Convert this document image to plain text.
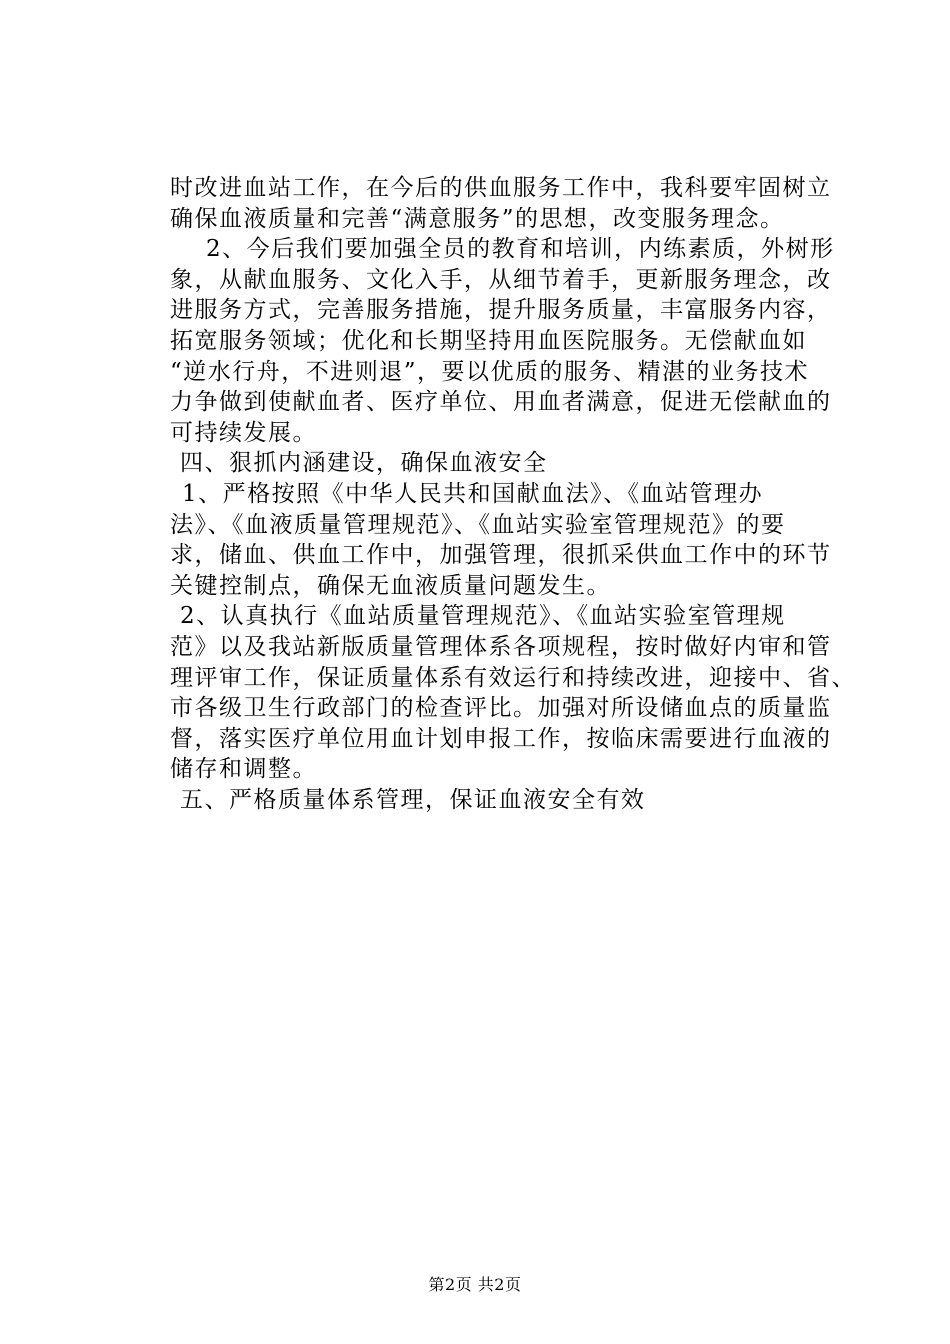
时改进血站工作，在今后的供血服务工作中，我科要牢固树立
确保血液质量和完善“满意服务”的思想，改变服务理念。
2、今后我们要加强全员的教育和培训，内练素质，外树形
象，从献血服务、文化入手，从细节着手，更新服务理念，改
进服务方式，完善服务措施，提升服务质量，丰富服务内容，
拓宽服务领域；优化和长期坚持用血医院服务。无偿献血如
“逆水行舟，不进则退”，要以优质的服务、精湛的业务技术
力争做到使献血者、医疗单位、用血者满意，促进无偿献血的
可持续发展。
四、狠抓内涵建设，确保血液安全
1、严格按照《中华人民共和国献血法》、《血站管理办
法》、《血液质量管理规范》、《血站实验室管理规范》的要
求，储血、供血工作中，加强管理，很抓采供血工作中的环节
关键控制点，确保无血液质量问题发生。
2、认真执行《血站质量管理规范》、《血站实验室管理规
范》以及我站新版质量管理体系各项规程，按时做好内审和管
理评审工作，保证质量体系有效运行和持续改进，迎接中、省、
市各级卫生行政部门的检查评比。加强对所设储血点的质量监
督，落实医疗单位用血计划申报工作，按临床需要进行血液的
储存和调整。
五、严格质量体系管理，保证血液安全有效
第2页 共2页
